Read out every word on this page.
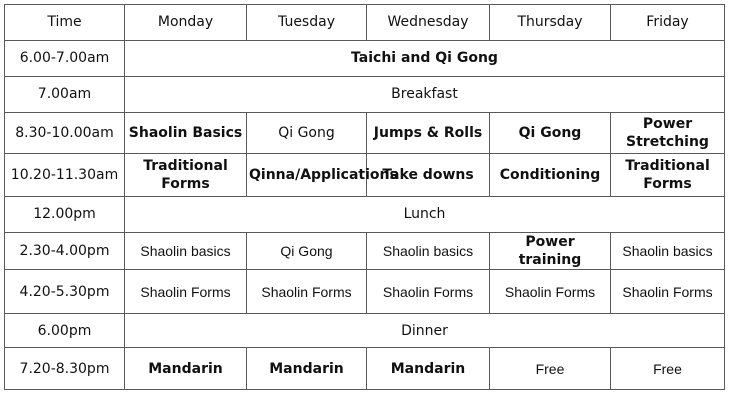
Time	Monday	Tuesday	Wednesday	Thursday	Friday
6.00-7.00am	Taichi and Qi Gong				
7.00am	Breakfast				
8.30-10.00am	Shaolin Basics	Qi Gong	Jumps & Rolls	Qi Gong	Power Stretching
10.20-11.30am	Traditional Forms	Qinna/Applications	Take downs	Conditioning	Traditional Forms
12.00pm	Lunch				
2.30-4.00pm	Shaolin basics	Qi Gong	Shaolin basics	Power training	Shaolin basics
4.20-5.30pm	Shaolin Forms	Shaolin Forms	Shaolin Forms	Shaolin Forms	Shaolin Forms
6.00pm	Dinner				
7.20-8.30pm	Mandarin	Mandarin	Mandarin	Free	Free
